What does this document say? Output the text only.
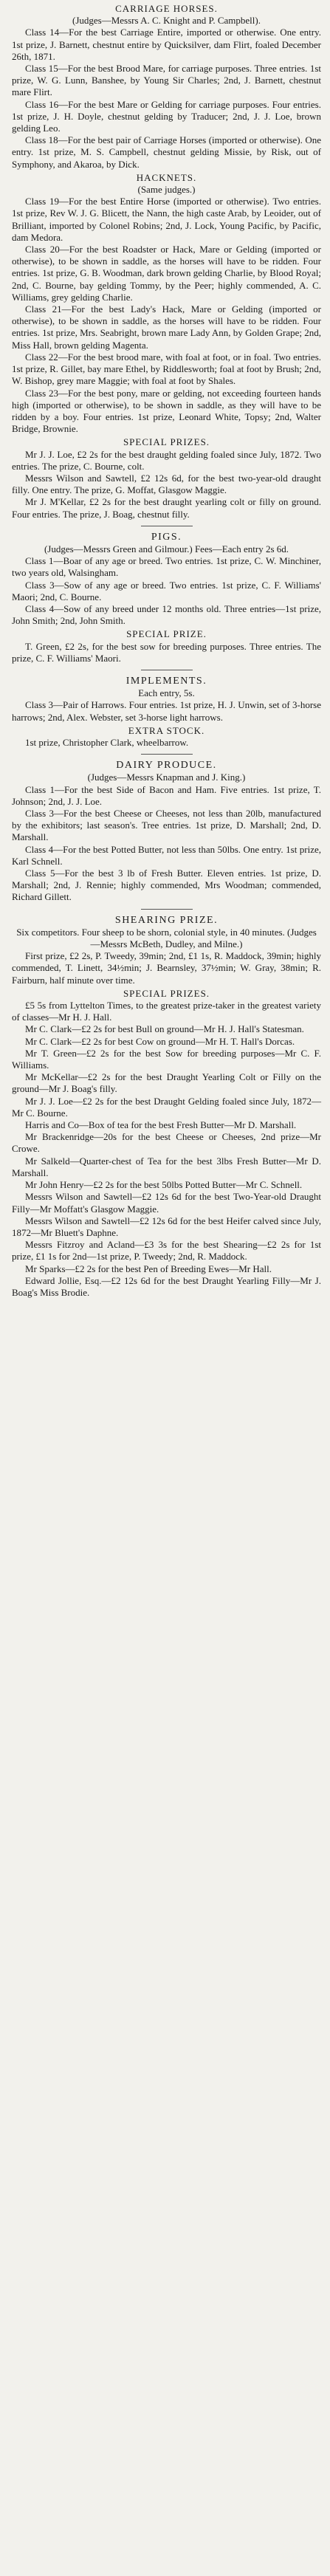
CARRIAGE HORSES.
(Judges—Messrs A. C. Knight and P. Campbell).

Class 14—For the best Carriage Entire, imported or otherwise. One entry. 1st prize, J. Barnett, chestnut entire by Quicksilver, dam Flirt, foaled December 26th, 1871.

Class 15—For the best Brood Mare, for carriage purposes. Three entries. 1st prize, W. G. Lunn, Banshee, by Young Sir Charles; 2nd, J. Barnett, chestnut mare Flirt.

Class 16—For the best Mare or Gelding for carriage purposes. Four entries. 1st prize, J. H. Doyle, chestnut gelding by Traducer; 2nd, J. J. Loe, brown gelding Leo.

Class 18—For the best pair of Carriage Horses (imported or otherwise). One entry. 1st prize, M. S. Campbell, chestnut gelding Missie, by Risk, out of Symphony, and Akaroa, by Dick.

HACKNETS.
(Same judges.)

Class 19—For the best Entire Horse (imported or otherwise). Two entries. 1st prize, Rev W. J. G. Blicett, the Nann, the high caste Arab, by Leoider, out of Brilliant, imported by Colonel Robins; 2nd, J. Lock, Young Pacific, by Pacific, dam Medora.

Class 20—For the best Roadster or Hack, Mare or Gelding (imported or otherwise), to be shown in saddle, as the horses will have to be ridden. Four entries. 1st prize, G. B. Woodman, dark brown gelding Charlie, by Blood Royal; 2nd, C. Bourne, bay gelding Tommy, by the Peer; highly commended, A. C. Williams, grey gelding Charlie.

Class 21—For the best Lady's Hack, Mare or Gelding (imported or otherwise), to be shown in saddle, as the horses will have to be ridden. Four entries. 1st prize, Mrs. Seabright, brown mare Lady Ann, by Golden Grape; 2nd, Miss Hall, brown gelding Magenta.

Class 22—For the best brood mare, with foal at foot, or in foal. Two entries. 1st prize, R. Gillet, bay mare Ethel, by Riddlesworth; foal at foot by Brush; 2nd, W. Bishop, grey mare Maggie; with foal at foot by Shales.

Class 23—For the best pony, mare or gelding, not exceeding fourteen hands high (imported or otherwise), to be shown in saddle, as they will have to be ridden by a boy. Four entries. 1st prize, Leonard White, Topsy; 2nd, Walter Bridge, Brownie.

SPECIAL PRIZES.

Mr J. J. Loe, £2 2s for the best draught gelding foaled since July, 1872. Two entries. The prize, C. Bourne, colt.

Messrs Wilson and Sawtell, £2 12s 6d, for the best two-year-old draught filly. One entry. The prize, G. Moffat, Glasgow Maggie.

Mr J. M'Kellar, £2 2s for the best draught yearling colt or filly on ground. Four entries. The prize, J. Boag, chestnut filly.

PIGS.
(Judges—Messrs Green and Gilmour.) Fees—Each entry 2s 6d.

Class 1—Boar of any age or breed. Two entries. 1st prize, C. W. Minchiner, two years old, Walsingham.

Class 3—Sow of any age or breed. Two entries. 1st prize, C. F. Williams' Maori; 2nd, C. Bourne.

Class 4—Sow of any breed under 12 months old. Three entries—1st prize, John Smith; 2nd, John Smith.

SPECIAL PRIZE.

T. Green, £2 2s, for the best sow for breeding purposes. Three entries. The prize, C. F. Williams' Maori.

IMPLEMENTS.
Each entry, 5s.

Class 3—Pair of Harrows. Four entries. 1st prize, H. J. Unwin, set of 3-horse harrows; 2nd, Alex. Webster, set 3-horse light harrows.

EXTRA STOCK.

1st prize, Christopher Clark, wheelbarrow.

DAIRY PRODUCE.
(Judges—Messrs Knapman and J. King.)

Class 1—For the best Side of Bacon and Ham. Five entries. 1st prize, T. Johnson; 2nd, J. J. Loe.

Class 3—For the best Cheese or Cheeses, not less than 20lb, manufactured by the exhibitors; last season's. Tree entries. 1st prize, D. Marshall; 2nd, D. Marshall.

Class 4—For the best Potted Butter, not less than 50lbs. One entry. 1st prize, Karl Schnell.

Class 5—For the best 3 lb of Fresh Butter. Eleven entries. 1st prize, D. Marshall; 2nd, J. Rennie; highly commended, Mrs Woodman; commended, Richard Gillett.

SHEARING PRIZE.
Six competitors. Four sheep to be shorn, colonial style, in 40 minutes. (Judges—Messrs McBeth, Dudley, and Milne.)

First prize, £2 2s, P. Tweedy, 39min; 2nd, £1 1s, R. Maddock, 39min; highly commended, T. Linett, 34½min; J. Bearnsley, 37½min; W. Gray, 38min; R. Fairburn, half minute over time.

SPECIAL PRIZES.

£5 5s from Lyttelton Times, to the greatest prize-taker in the greatest variety of classes—Mr H. J. Hall.

Mr C. Clark—£2 2s for best Bull on ground—Mr H. J. Hall's Statesman.

Mr C. Clark—£2 2s for best Cow on ground—Mr H. T. Hall's Dorcas.

Mr T. Green—£2 2s for the best Sow for breeding purposes—Mr C. F. Williams.

Mr McKellar—£2 2s for the best Draught Yearling Colt or Filly on the ground—Mr J. Boag's filly.

Mr J. J. Loe—£2 2s for the best Draught Gelding foaled since July, 1872—Mr C. Bourne.

Harris and Co—Box of tea for the best Fresh Butter—Mr D. Marshall.

Mr Brackenridge—20s for the best Cheese or Cheeses, 2nd prize—Mr Crowe.

Mr Salkeld—Quarter-chest of Tea for the best 3lbs Fresh Butter—Mr D. Marshall.

Mr John Henry—£2 2s for the best 50lbs Potted Butter—Mr C. Schnell.

Messrs Wilson and Sawtell—£2 12s 6d for the best Two-Year-old Draught Filly—Mr Moffatt's Glasgow Maggie.

Messrs Wilson and Sawtell—£2 12s 6d for the best Heifer calved since July, 1872—Mr Bluett's Daphne.

Messrs Fitzroy and Acland—£3 3s for the best Shearing—£2 2s for 1st prize, £1 1s for 2nd—1st prize, P. Tweedy; 2nd, R. Maddock.

Mr Sparks—£2 2s for the best Pen of Breeding Ewes—Mr Hall.

Edward Jollie, Esq.—£2 12s 6d for the best Draught Yearling Filly—Mr J. Boag's Miss Brodie.
